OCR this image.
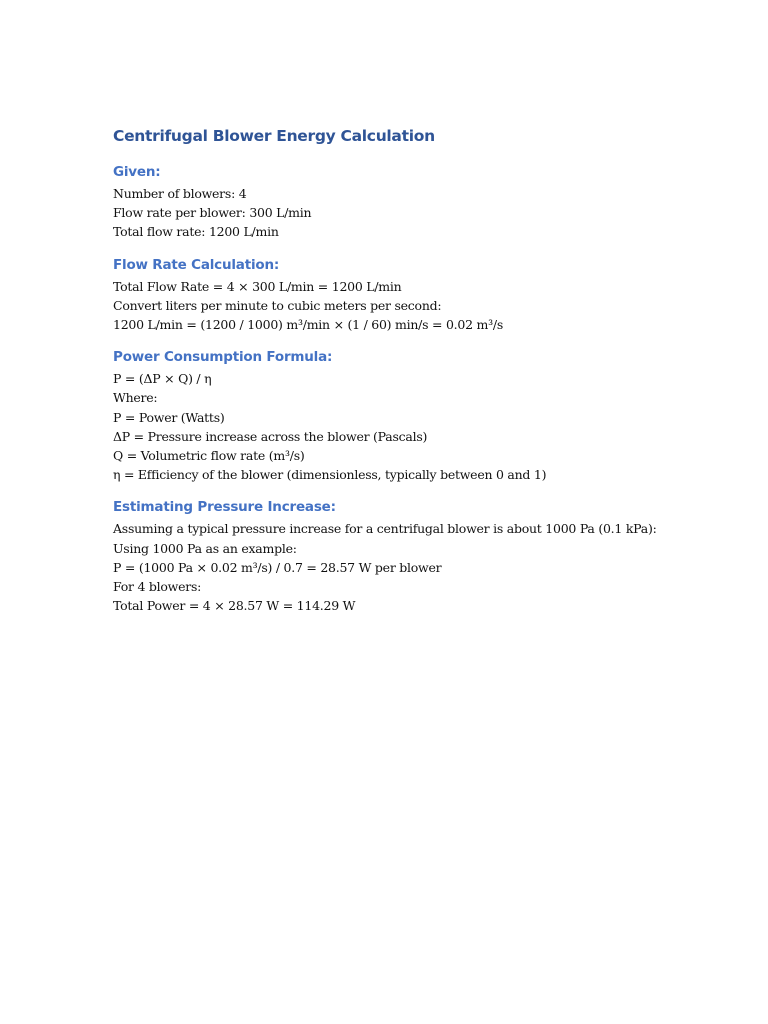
Centrifugal Blower Energy Calculation
Given:

Number of blowers: 4

Flow rate per blower: 300 L/min

Total flow rate: 1200 L/min

Flow Rate Calculation:

Total Flow Rate = 4 × 300 L/min = 1200 L/min

Convert liters per minute to cubic meters per second:

1200 L/min = (1200 / 1000) m³/min × (1 / 60) min/s = 0.02 m³/s

Power Consumption Formula:

P = (ΔP × Q) / η

Where:

P = Power (Watts)

ΔP = Pressure increase across the blower (Pascals)

Q = Volumetric flow rate (m³/s)

η = Efficiency of the blower (dimensionless, typically between 0 and 1)

Estimating Pressure Increase:

Assuming a typical pressure increase for a centrifugal blower is about 1000 Pa (0.1 kPa):

Using 1000 Pa as an example:

P = (1000 Pa × 0.02 m³/s) / 0.7 = 28.57 W per blower

For 4 blowers:

Total Power = 4 × 28.57 W = 114.29 W
